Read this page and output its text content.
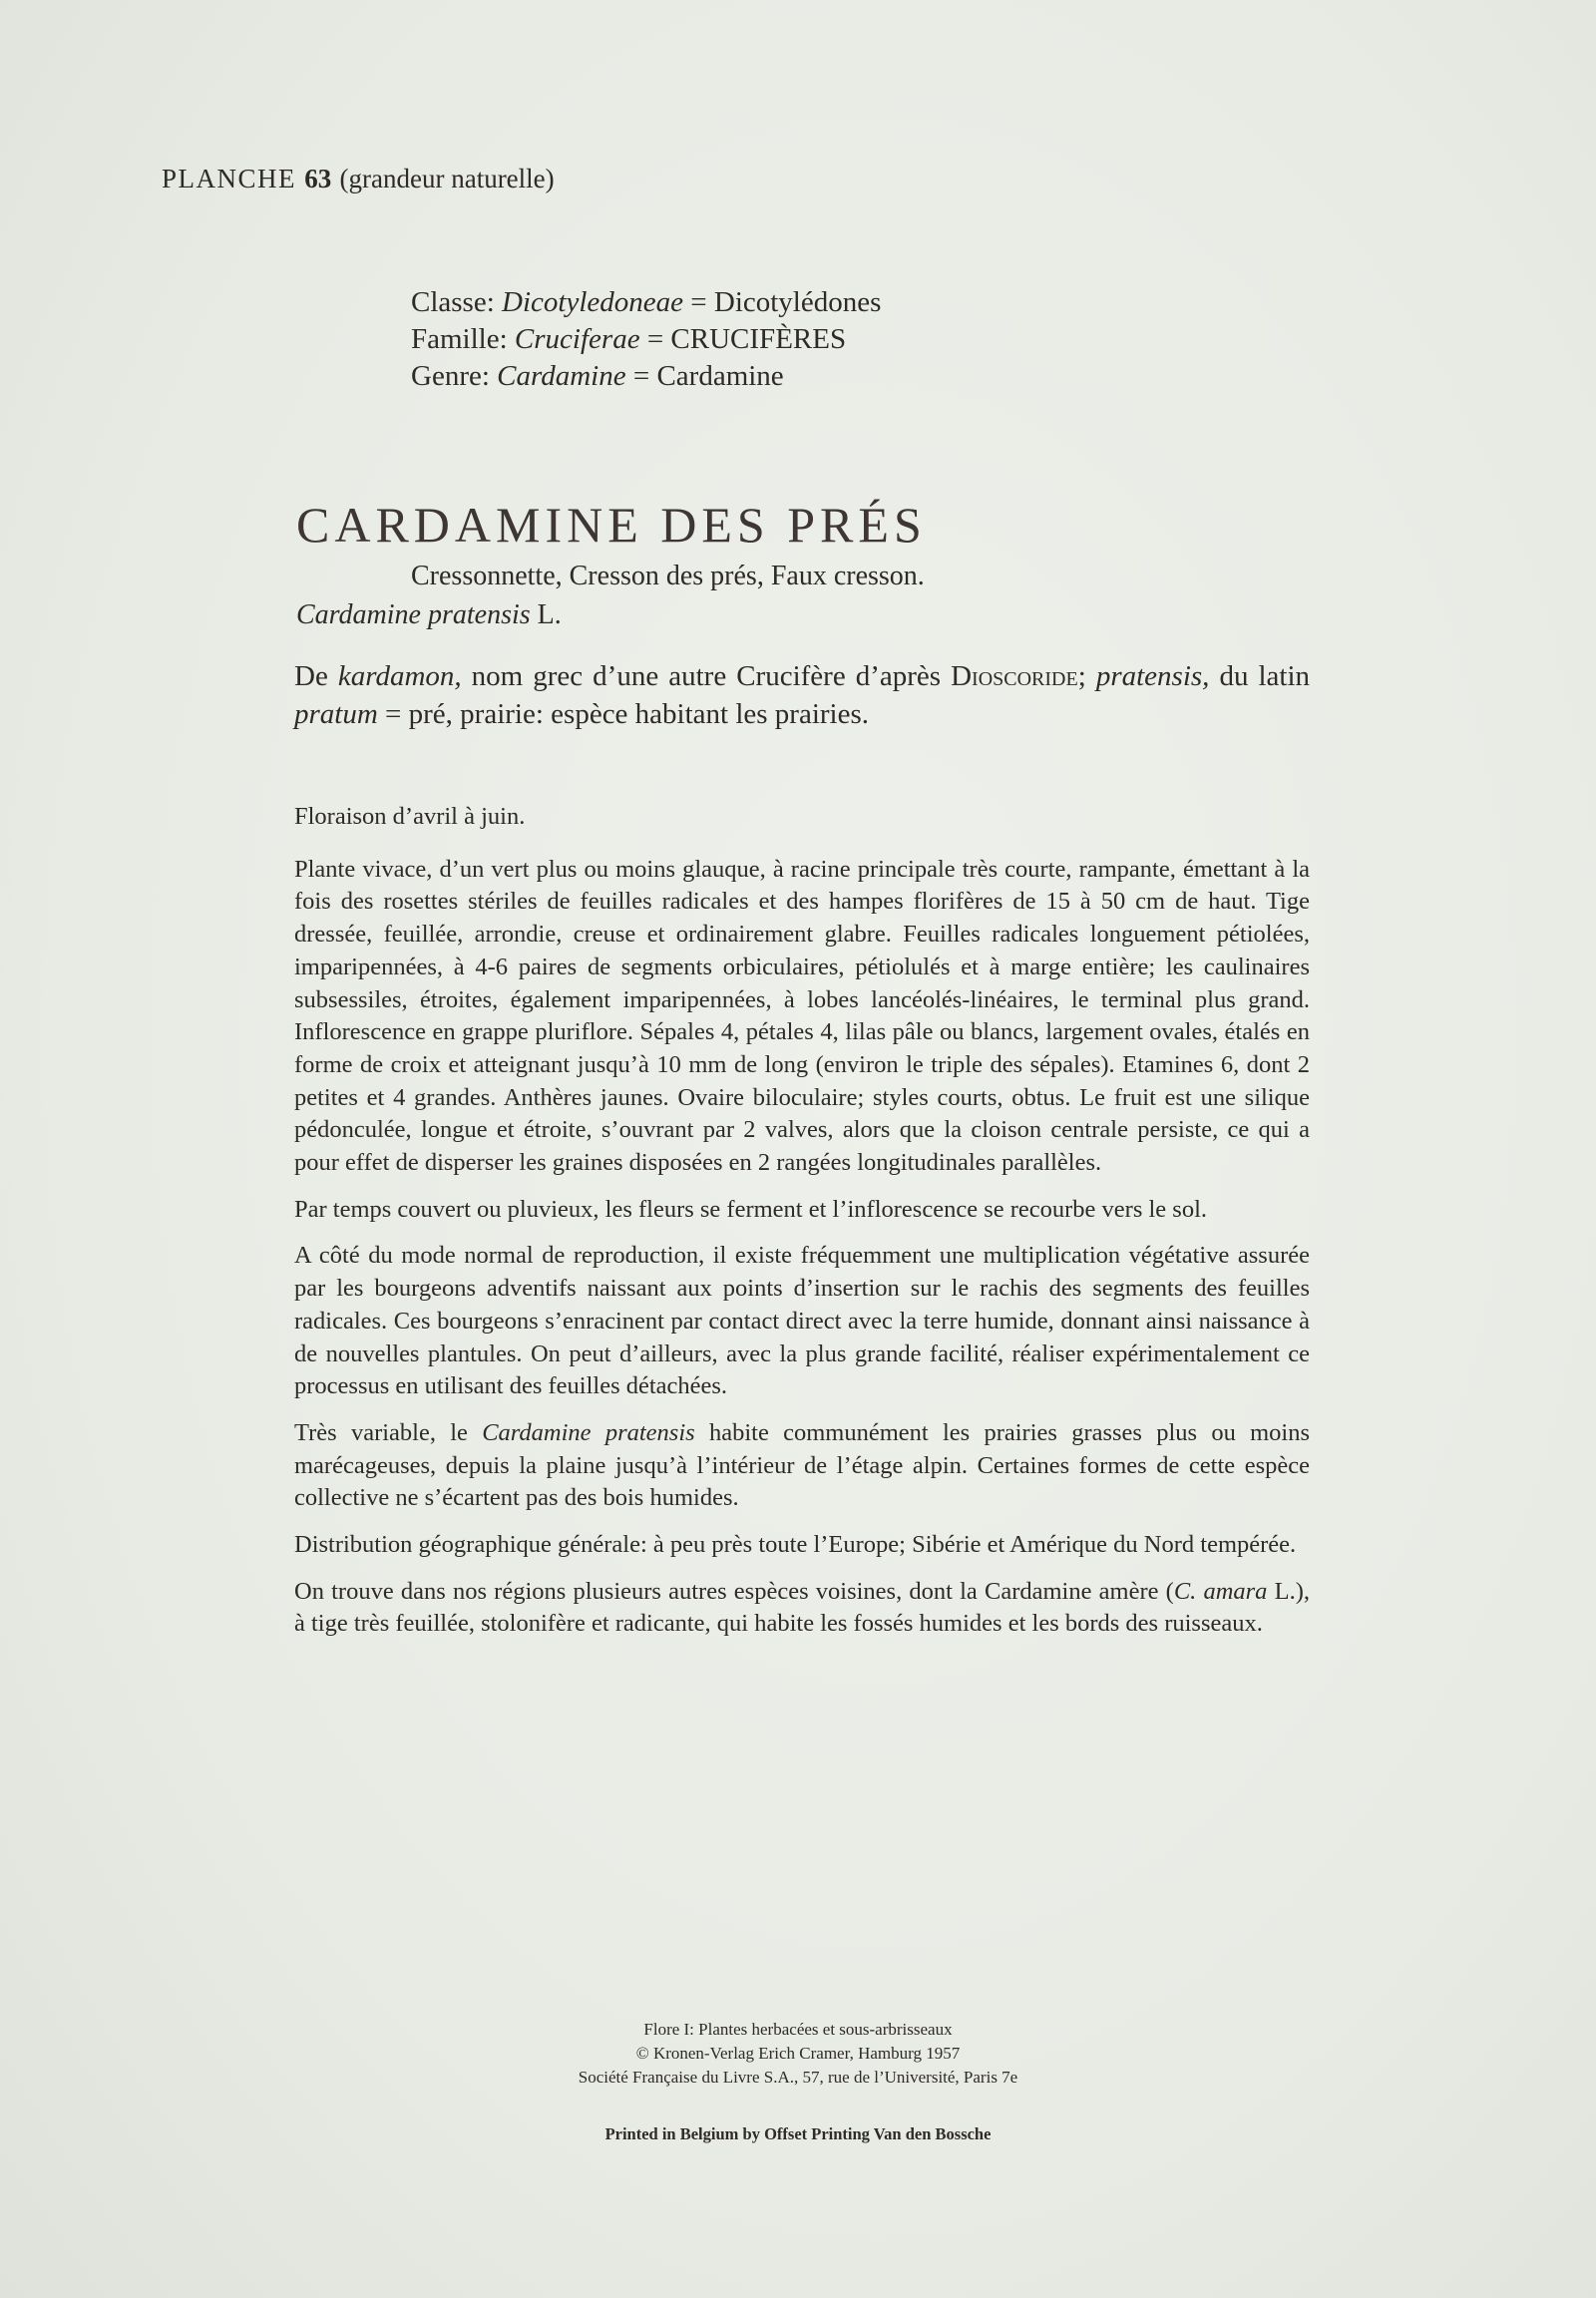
PLANCHE 63 (grandeur naturelle)
Classe: Dicotyledoneae = Dicotylédones
Famille: Cruciferae = CRUCIFÈRES
Genre: Cardamine = Cardamine
CARDAMINE DES PRÉS
Cressonnette, Cresson des prés, Faux cresson.
Cardamine pratensis L.
De kardamon, nom grec d’une autre Crucifère d’après Dioscoride; pratensis, du latin pratum = pré, prairie: espèce habitant les prairies.

Floraison d’avril à juin.

Plante vivace, d’un vert plus ou moins glauque, à racine principale très courte, rampante, émettant à la fois des rosettes stériles de feuilles radicales et des hampes florifères de 15 à 50 cm de haut. Tige dressée, feuillée, arrondie, creuse et ordinairement glabre. Feuilles radicales longuement pétiolées, imparipennées, à 4-6 paires de segments orbiculaires, pétiolulés et à marge entière; les caulinaires subsessiles, étroites, également imparipennées, à lobes lancéolés-linéaires, le terminal plus grand. Inflorescence en grappe pluriflore. Sépales 4, pétales 4, lilas pâle ou blancs, largement ovales, étalés en forme de croix et atteignant jusqu’à 10 mm de long (environ le triple des sépales). Etamines 6, dont 2 petites et 4 grandes. Anthères jaunes. Ovaire biloculaire; styles courts, obtus. Le fruit est une silique pédonculée, longue et étroite, s’ouvrant par 2 valves, alors que la cloison centrale persiste, ce qui a pour effet de disperser les graines disposées en 2 rangées longitudinales parallèles.

Par temps couvert ou pluvieux, les fleurs se ferment et l’inflorescence se recourbe vers le sol.

A côté du mode normal de reproduction, il existe fréquemment une multiplication végétative assurée par les bourgeons adventifs naissant aux points d’insertion sur le rachis des segments des feuilles radicales. Ces bourgeons s’enracinent par contact direct avec la terre humide, donnant ainsi naissance à de nouvelles plantules. On peut d’ailleurs, avec la plus grande facilité, réaliser expérimentalement ce processus en utilisant des feuilles détachées.

Très variable, le Cardamine pratensis habite communément les prairies grasses plus ou moins marécageuses, depuis la plaine jusqu’à l’intérieur de l’étage alpin. Certaines formes de cette espèce collective ne s’écartent pas des bois humides.

Distribution géographique générale: à peu près toute l’Europe; Sibérie et Amérique du Nord tempérée.

On trouve dans nos régions plusieurs autres espèces voisines, dont la Cardamine amère (C. amara L.), à tige très feuillée, stolonifère et radicante, qui habite les fossés humides et les bords des ruisseaux.

Flore I: Plantes herbacées et sous-arbrisseaux
© Kronen-Verlag Erich Cramer, Hamburg 1957
Société Française du Livre S.A., 57, rue de l’Université, Paris 7e
Printed in Belgium by Offset Printing Van den Bossche
